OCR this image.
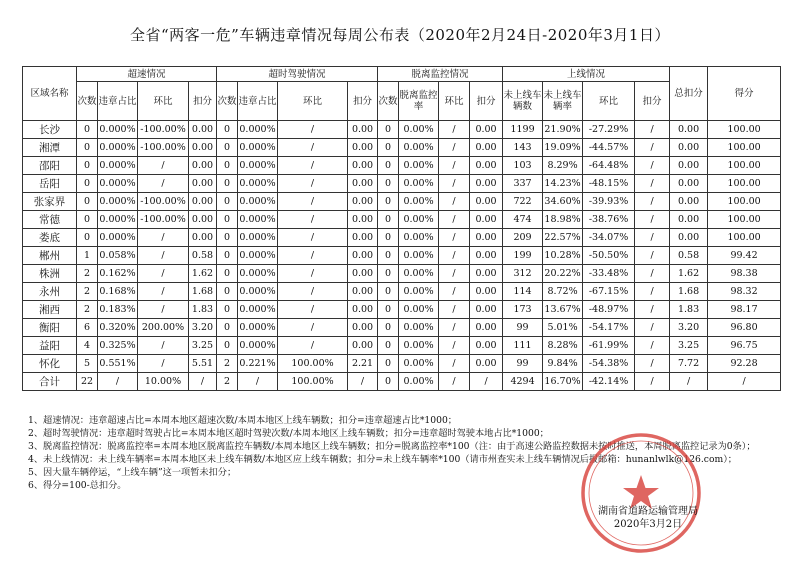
全省“两客一危”车辆违章情况每周公布表（2020年2月24日-2020年3月1日）
区域名称	超速情况				超时驾驶情况				脱离监控情况				上线情况				总扣分	得分
	次数	违章占比	环比	扣分	次数	违章占比	环比	扣分	次数	脱离监控率	环比	扣分	未上线车辆数	未上线车辆率	环比	扣分		
长沙	0	0.000%	-100.00%	0.00	0	0.000%	/	0.00	0	0.00%	/	0.00	1199	21.90%	-27.29%	/	0.00	100.00
湘潭	0	0.000%	-100.00%	0.00	0	0.000%	/	0.00	0	0.00%	/	0.00	143	19.09%	-44.57%	/	0.00	100.00
邵阳	0	0.000%	/	0.00	0	0.000%	/	0.00	0	0.00%	/	0.00	103	8.29%	-64.48%	/	0.00	100.00
岳阳	0	0.000%	/	0.00	0	0.000%	/	0.00	0	0.00%	/	0.00	337	14.23%	-48.15%	/	0.00	100.00
张家界	0	0.000%	-100.00%	0.00	0	0.000%	/	0.00	0	0.00%	/	0.00	722	34.60%	-39.93%	/	0.00	100.00
常德	0	0.000%	-100.00%	0.00	0	0.000%	/	0.00	0	0.00%	/	0.00	474	18.98%	-38.76%	/	0.00	100.00
娄底	0	0.000%	/	0.00	0	0.000%	/	0.00	0	0.00%	/	0.00	209	22.57%	-34.07%	/	0.00	100.00
郴州	1	0.058%	/	0.58	0	0.000%	/	0.00	0	0.00%	/	0.00	199	10.28%	-50.50%	/	0.58	99.42
株洲	2	0.162%	/	1.62	0	0.000%	/	0.00	0	0.00%	/	0.00	312	20.22%	-33.48%	/	1.62	98.38
永州	2	0.168%	/	1.68	0	0.000%	/	0.00	0	0.00%	/	0.00	114	8.72%	-67.15%	/	1.68	98.32
湘西	2	0.183%	/	1.83	0	0.000%	/	0.00	0	0.00%	/	0.00	173	13.67%	-48.97%	/	1.83	98.17
衡阳	6	0.320%	200.00%	3.20	0	0.000%	/	0.00	0	0.00%	/	0.00	99	5.01%	-54.17%	/	3.20	96.80
益阳	4	0.325%	/	3.25	0	0.000%	/	0.00	0	0.00%	/	0.00	111	8.28%	-61.99%	/	3.25	96.75
怀化	5	0.551%	/	5.51	2	0.221%	100.00%	2.21	0	0.00%	/	0.00	99	9.84%	-54.38%	/	7.72	92.28
合计	22	/	10.00%	/	2	/	100.00%	/	0	0.00%	/	/	4294	16.70%	-42.14%	/	/	/
1、超速情况：违章超速占比=本周本地区超速次数/本周本地区上线车辆数；扣分=违章超速占比*1000；
2、超时驾驶情况：违章超时驾驶占比=本周本地区超时驾驶次数/本周本地区上线车辆数；扣分=违章超时驾驶本地占比*1000；
3、脱离监控情况：脱离监控率=本周本地区脱离监控车辆数/本周本地区上线车辆数；扣分=脱离监控率*100（注：由于高速公路监控数据未按时推送，本周脱离监控记录为0条）；
4、未上线情况：未上线车辆率=本周本地区未上线车辆数/本地区应上线车辆数；扣分=未上线车辆率*100（请市州查实未上线车辆情况后报邮箱：hunanlwlk@126.com）；
5、因大量车辆停运，“上线车辆”这一项暂未扣分；
6、得分=100-总扣分。
湖南省道路运输管理局
2020年3月2日
